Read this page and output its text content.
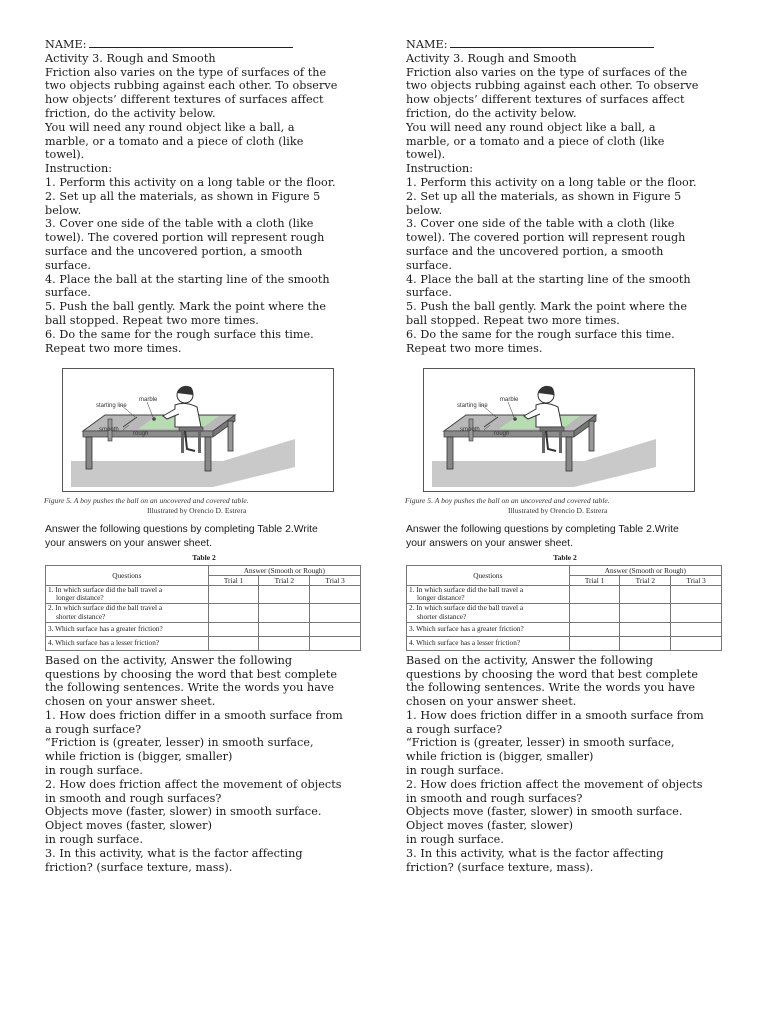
NAME:
Activity 3. Rough and Smooth
Friction also varies on the type of surfaces of the
two objects rubbing against each other. To observe
how objects’ different textures of surfaces affect
friction, do the activity below.
You will need any round object like a ball, a
marble, or a tomato and a piece of cloth (like
towel).
Instruction:
1. Perform this activity on a long table or the floor.
2. Set up all the materials, as shown in Figure 5
below.
3. Cover one side of the table with a cloth (like
towel). The covered portion will represent rough
surface and the uncovered portion, a smooth
surface.
4. Place the ball at the starting line of the smooth
surface.
5. Push the ball gently. Mark the point where the
ball stopped. Repeat two more times.
6. Do the same for the rough surface this time.
Repeat two more times.
starting line
marble
smooth
rough
Figure 5. A boy pushes the ball on an uncovered and covered table.
Illustrated by Orencio D. Estrera
Answer the following questions by completing Table 2.Write
your answers on your answer sheet.
Table 2
Questions	Answer (Smooth or Rough)		
	Trial 1	Trial 2	Trial 3

1. In which surface did the ball travel a
longer distance?			

2. In which surface did the ball travel a
shorter distance?			

3. Which surface has a greater friction?			

4. Which surface has a lesser friction?			

Based on the activity, Answer the following
questions by choosing the word that best complete
the following sentences. Write the words you have
chosen on your answer sheet.
1. How does friction differ in a smooth surface from
a rough surface?
“Friction is (greater, lesser) in smooth surface,
while friction is (bigger, smaller)
in rough surface.
2. How does friction affect the movement of objects
in smooth and rough surfaces?
Objects move (faster, slower) in smooth surface.
Object moves (faster, slower)
in rough surface.
3. In this activity, what is the factor affecting
friction? (surface texture, mass).
NAME:
Activity 3. Rough and Smooth
Friction also varies on the type of surfaces of the
two objects rubbing against each other. To observe
how objects’ different textures of surfaces affect
friction, do the activity below.
You will need any round object like a ball, a
marble, or a tomato and a piece of cloth (like
towel).
Instruction:
1. Perform this activity on a long table or the floor.
2. Set up all the materials, as shown in Figure 5
below.
3. Cover one side of the table with a cloth (like
towel). The covered portion will represent rough
surface and the uncovered portion, a smooth
surface.
4. Place the ball at the starting line of the smooth
surface.
5. Push the ball gently. Mark the point where the
ball stopped. Repeat two more times.
6. Do the same for the rough surface this time.
Repeat two more times.
starting line
marble
smooth
rough
Figure 5. A boy pushes the ball on an uncovered and covered table.
Illustrated by Orencio D. Estrera
Answer the following questions by completing Table 2.Write
your answers on your answer sheet.
Table 2
Questions	Answer (Smooth or Rough)		
	Trial 1	Trial 2	Trial 3

1. In which surface did the ball travel a
longer distance?			

2. In which surface did the ball travel a
shorter distance?			

3. Which surface has a greater friction?			

4. Which surface has a lesser friction?			

Based on the activity, Answer the following
questions by choosing the word that best complete
the following sentences. Write the words you have
chosen on your answer sheet.
1. How does friction differ in a smooth surface from
a rough surface?
“Friction is (greater, lesser) in smooth surface,
while friction is (bigger, smaller)
in rough surface.
2. How does friction affect the movement of objects
in smooth and rough surfaces?
Objects move (faster, slower) in smooth surface.
Object moves (faster, slower)
in rough surface.
3. In this activity, what is the factor affecting
friction? (surface texture, mass).
